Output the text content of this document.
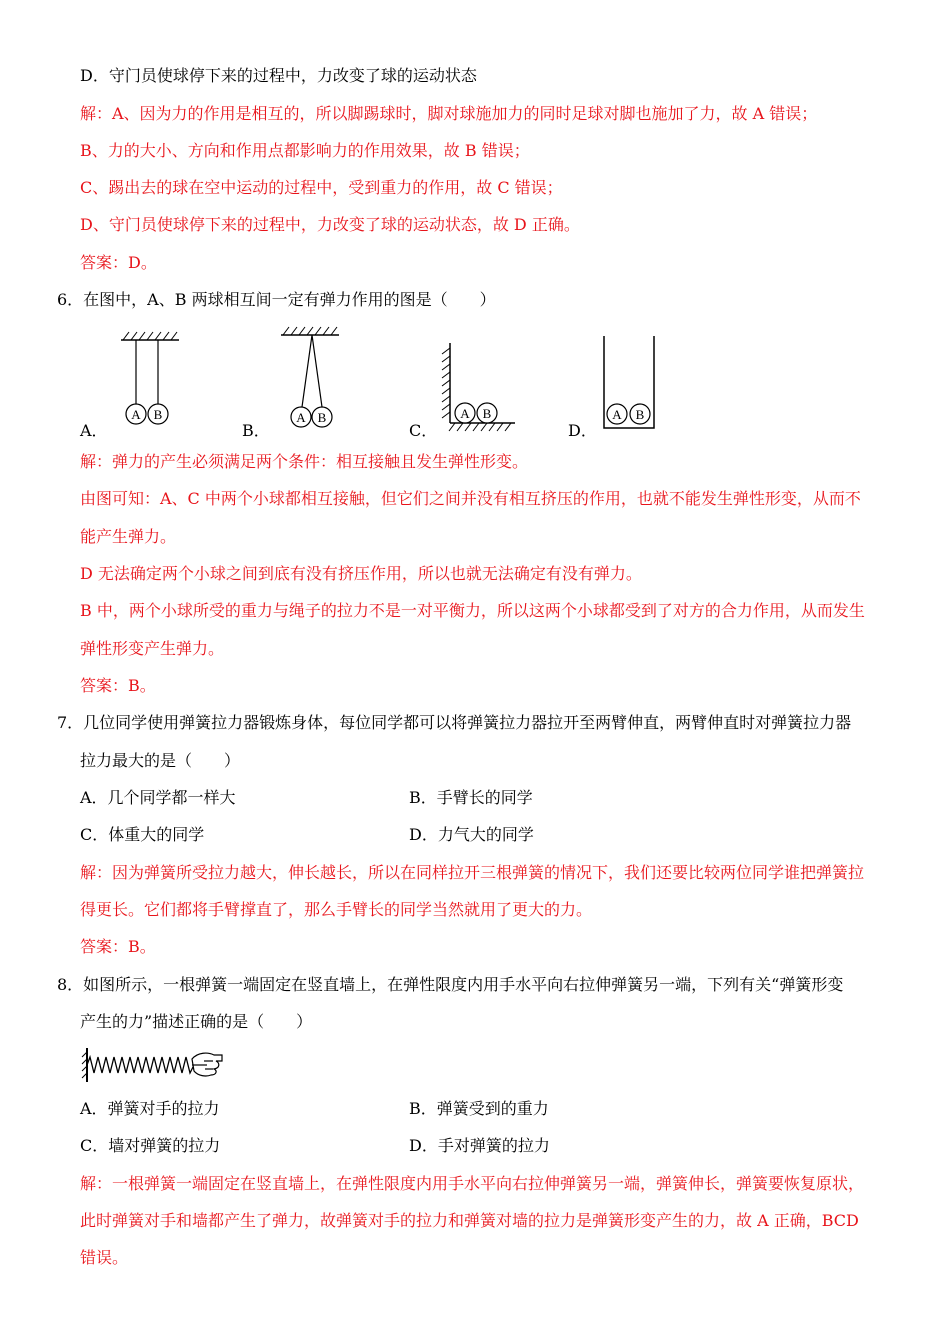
D．守门员使球停下来的过程中，力改变了球的运动状态
解：A、因为力的作用是相互的，所以脚踢球时，脚对球施加力的同时足球对脚也施加了力，故 A 错误；
B、力的大小、方向和作用点都影响力的作用效果，故 B 错误；
C、踢出去的球在空中运动的过程中，受到重力的作用，故 C 错误；
D、守门员使球停下来的过程中，力改变了球的运动状态，故 D 正确。
答案：D。
6．在图中，A、B 两球相互间一定有弹力作用的图是（　　）
A B
A．
A B
B．
A B
C．
A B
D．
解：弹力的产生必须满足两个条件：相互接触且发生弹性形变。
由图可知：A、C 中两个小球都相互接触，但它们之间并没有相互挤压的作用，也就不能发生弹性形变，从而不
能产生弹力。
D 无法确定两个小球之间到底有没有挤压作用，所以也就无法确定有没有弹力。
B 中，两个小球所受的重力与绳子的拉力不是一对平衡力，所以这两个小球都受到了对方的合力作用，从而发生
弹性形变产生弹力。
答案：B。
7．几位同学使用弹簧拉力器锻炼身体，每位同学都可以将弹簧拉力器拉开至两臂伸直，两臂伸直时对弹簧拉力器
拉力最大的是（　　）
A．几个同学都一样大	B．手臂长的同学
C．体重大的同学	D．力气大的同学
解：因为弹簧所受拉力越大，伸长越长，所以在同样拉开三根弹簧的情况下，我们还要比较两位同学谁把弹簧拉
得更长。它们都将手臂撑直了，那么手臂长的同学当然就用了更大的力。
答案：B。
8．如图所示，一根弹簧一端固定在竖直墙上，在弹性限度内用手水平向右拉伸弹簧另一端，下列有关“弹簧形变
产生的力”描述正确的是（　　）
A．弹簧对手的拉力	B．弹簧受到的重力
C．墙对弹簧的拉力	D．手对弹簧的拉力
解：一根弹簧一端固定在竖直墙上，在弹性限度内用手水平向右拉伸弹簧另一端，弹簧伸长，弹簧要恢复原状，
此时弹簧对手和墙都产生了弹力，故弹簧对手的拉力和弹簧对墙的拉力是弹簧形变产生的力，故 A 正确，BCD
错误。
